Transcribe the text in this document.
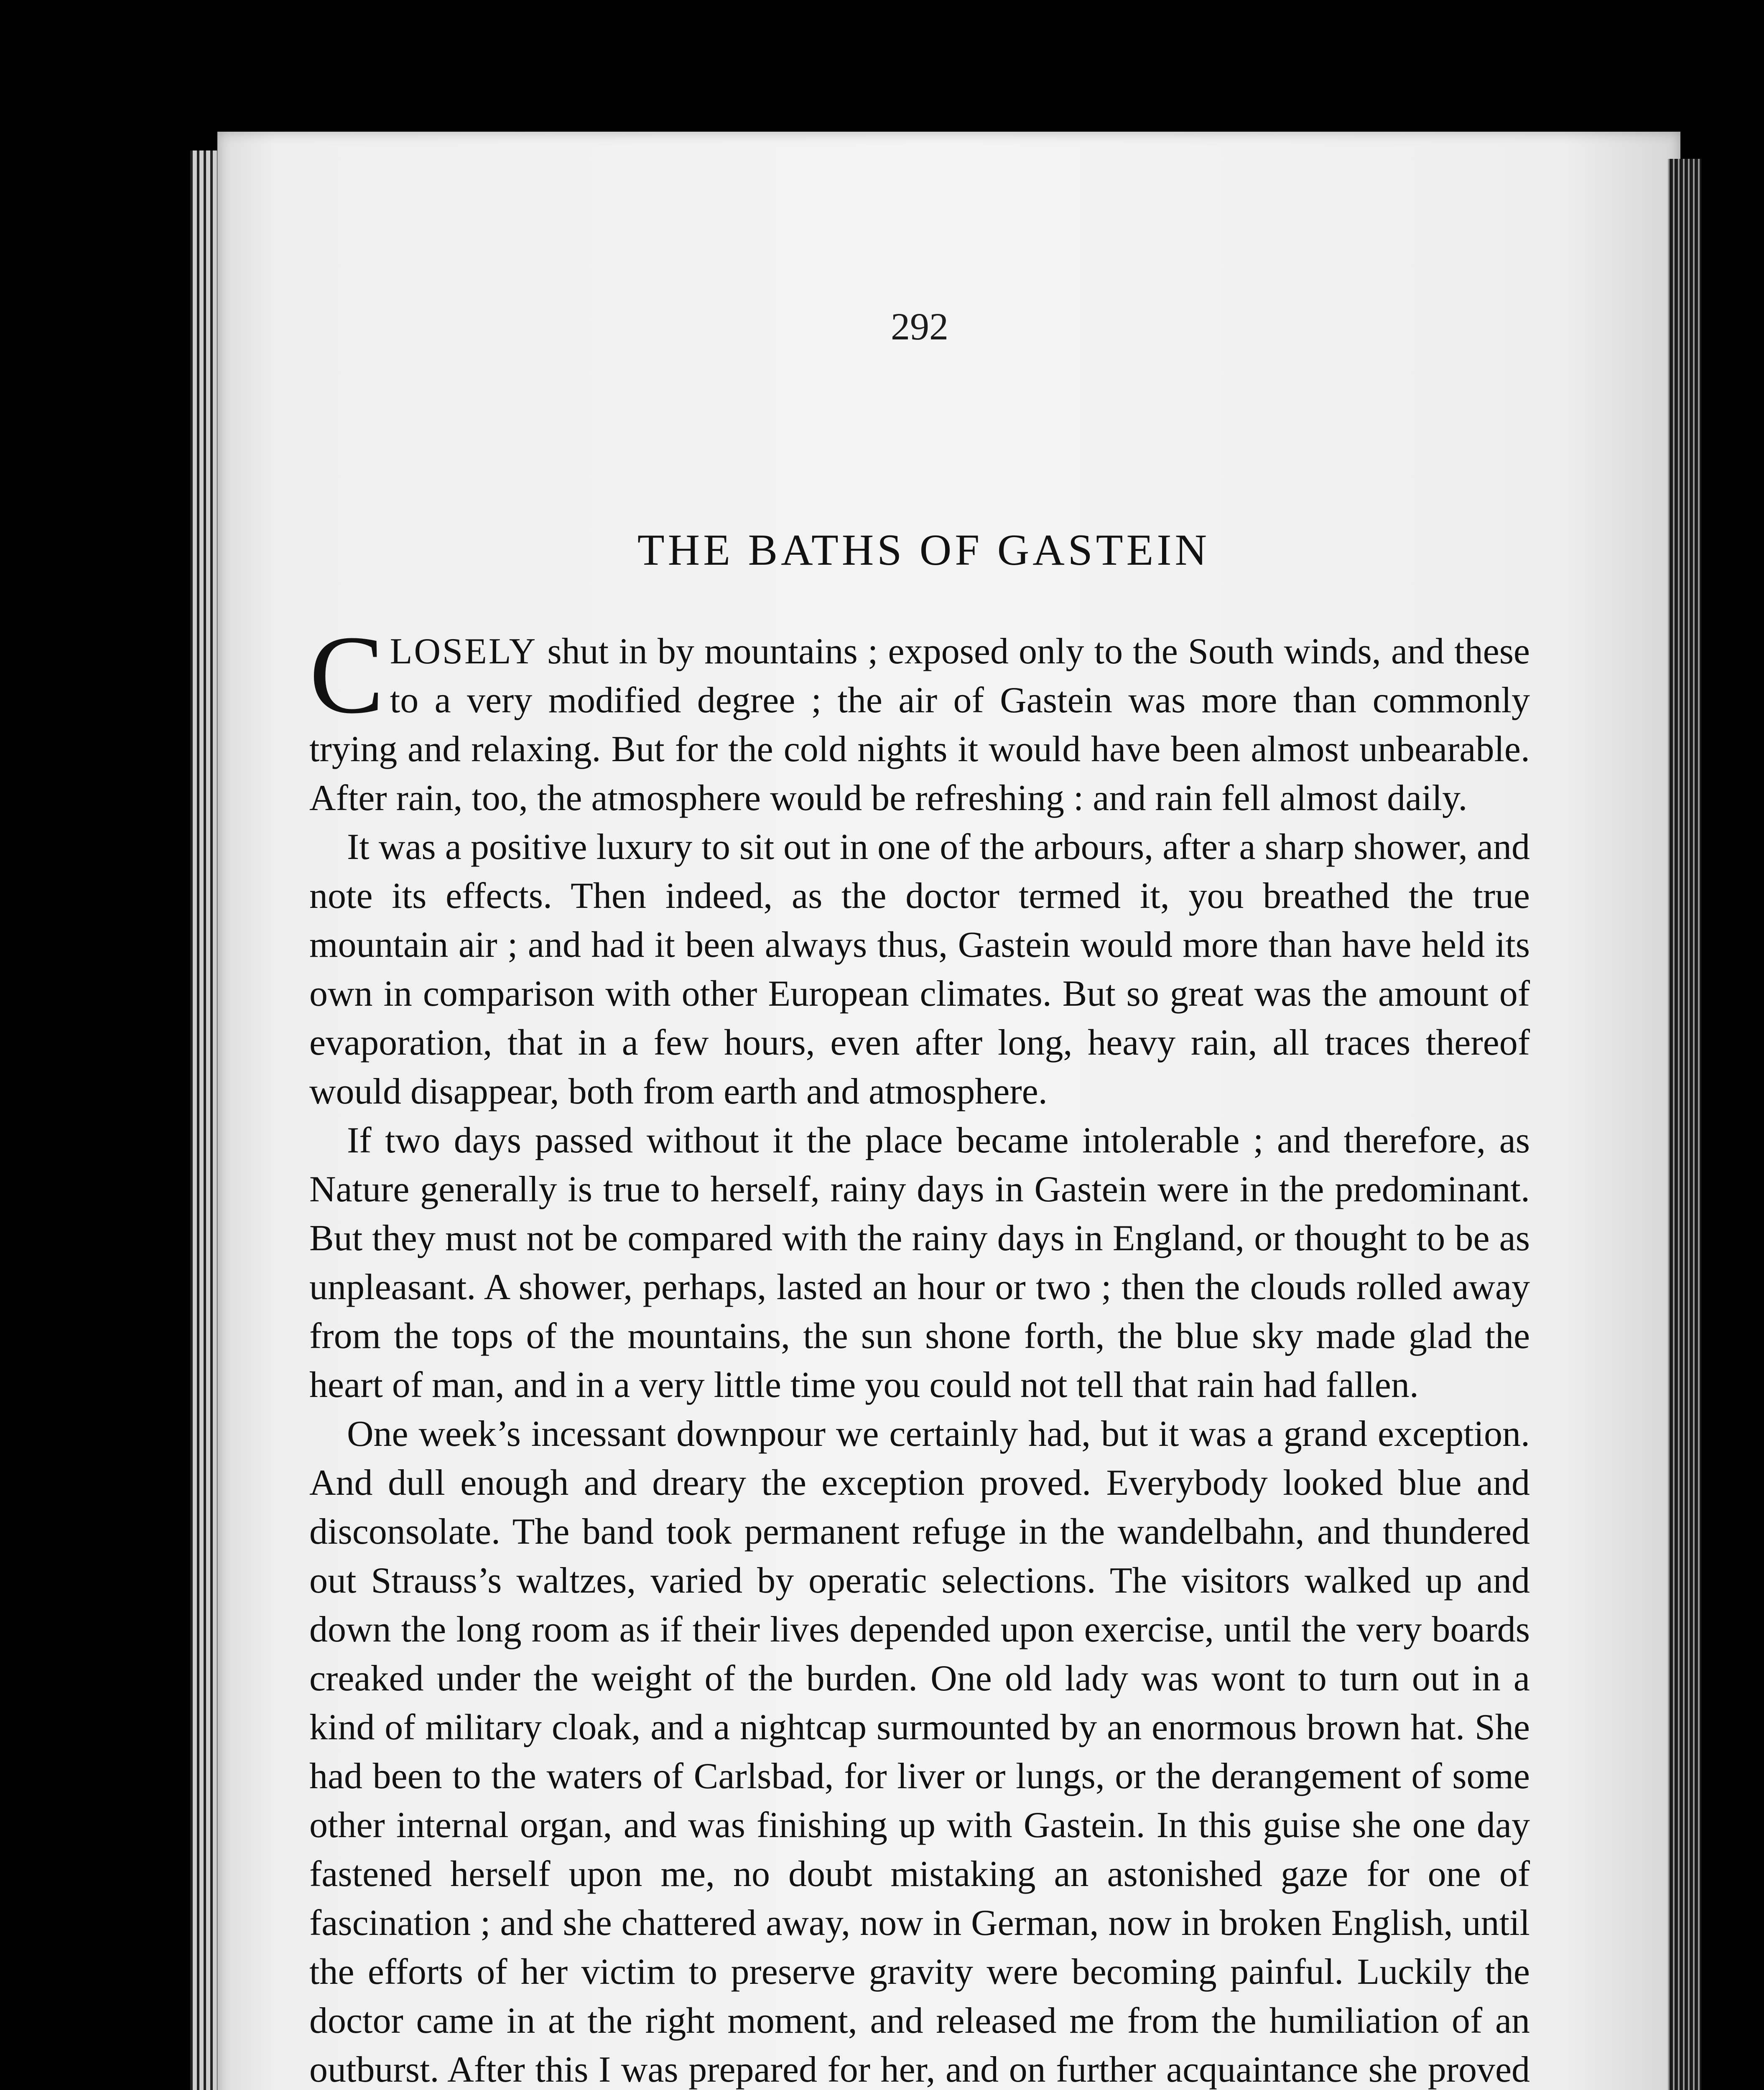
292
THE BATHS OF GASTEIN

CLOSELY shut in by mountains ; exposed only to the South winds, and these to a very modified degree ; the air of Gastein was more than commonly trying and relaxing. But for the cold nights it would have been almost unbearable. After rain, too, the atmosphere would be refreshing : and rain fell almost daily.

It was a positive luxury to sit out in one of the arbours, after a sharp shower, and note its effects. Then indeed, as the doctor termed it, you breathed the true mountain air ; and had it been always thus, Gastein would more than have held its own in comparison with other European climates. But so great was the amount of evaporation, that in a few hours, even after long, heavy rain, all traces thereof would disappear, both from earth and atmosphere.

If two days passed without it the place became intolerable ; and therefore, as Nature generally is true to herself, rainy days in Gastein were in the predominant. But they must not be compared with the rainy days in England, or thought to be as unpleasant. A shower, perhaps, lasted an hour or two ; then the clouds rolled away from the tops of the mountains, the sun shone forth, the blue sky made glad the heart of man, and in a very little time you could not tell that rain had fallen.

One week’s incessant downpour we certainly had, but it was a grand exception. And dull enough and dreary the exception proved. Everybody looked blue and disconsolate. The band took permanent refuge in the wandelbahn, and thundered out Strauss’s waltzes, varied by operatic selections. The visitors walked up and down the long room as if their lives depended upon exercise, until the very boards creaked under the weight of the burden. One old lady was wont to turn out in a kind of military cloak, and a nightcap surmounted by an enormous brown hat. She had been to the waters of Carlsbad, for liver or lungs, or the derangement of some other internal organ, and was finishing up with Gastein. In this guise she one day fastened herself upon me, no doubt mistaking an astonished gaze for one of fascination ; and she chattered away, now in German, now in broken English, until the efforts of her victim to preserve gravity were becoming painful. Luckily the doctor came in at the right moment, and released me from the humiliation of an outburst. After this I was prepared for her, and on further acquaintance she proved
